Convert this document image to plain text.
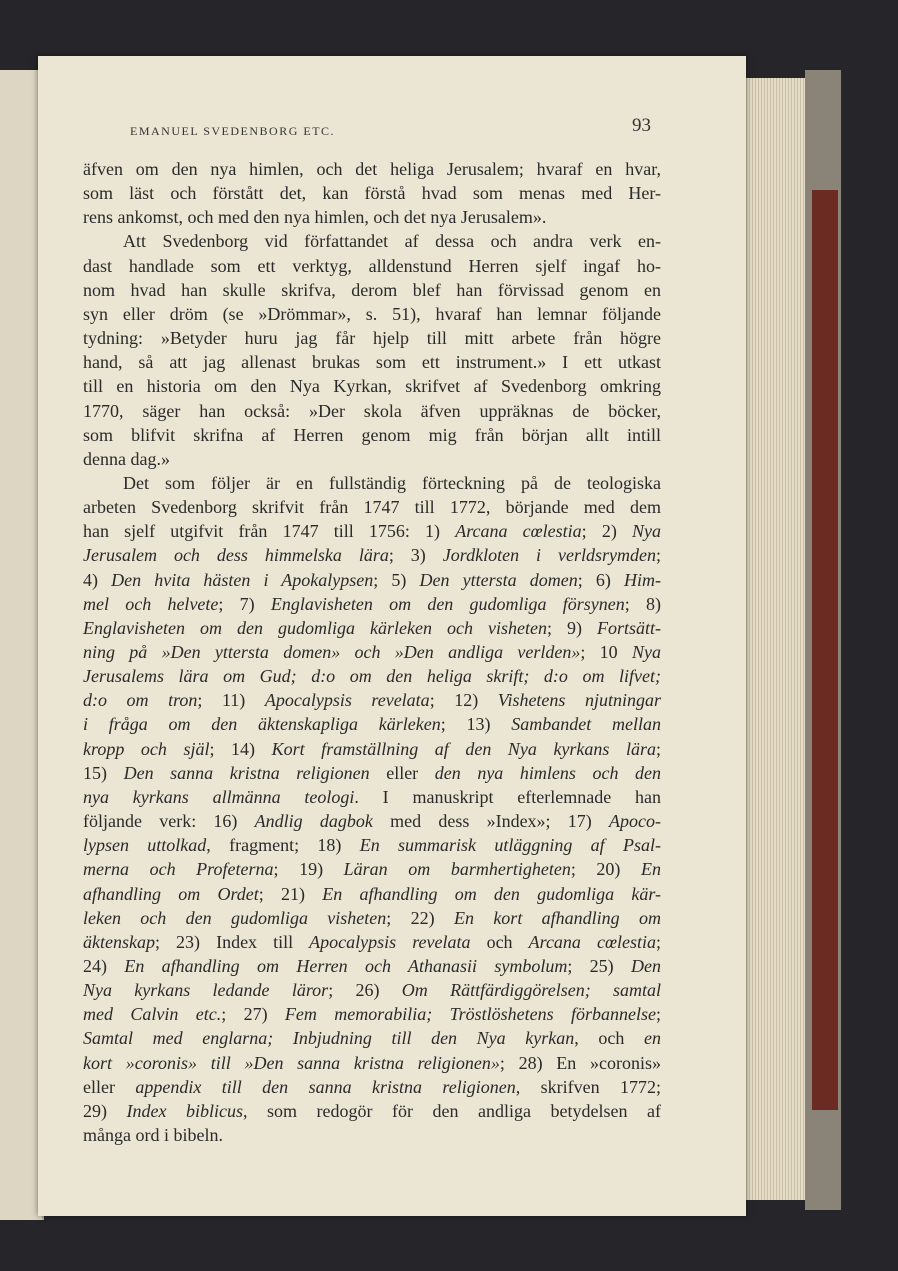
EMANUEL SVEDENBORG ETC.	93
äfven om den nya himlen, och det heliga Jerusalem; hvaraf en hvar,
som läst och förstått det, kan förstå hvad som menas med Her-
rens ankomst, och med den nya himlen, och det nya Jerusalem».
Att Svedenborg vid författandet af dessa och andra verk en-
dast handlade som ett verktyg, alldenstund Herren sjelf ingaf ho-
nom hvad han skulle skrifva, derom blef han förvissad genom en
syn eller dröm (se »Drömmar», s. 51), hvaraf han lemnar följande
tydning: »Betyder huru jag får hjelp till mitt arbete från högre
hand, så att jag allenast brukas som ett instrument.» I ett utkast
till en historia om den Nya Kyrkan, skrifvet af Svedenborg omkring
1770, säger han också: »Der skola äfven uppräknas de böcker,
som blifvit skrifna af Herren genom mig från början allt intill
denna dag.»
Det som följer är en fullständig förteckning på de teologiska
arbeten Svedenborg skrifvit från 1747 till 1772, börjande med dem
han sjelf utgifvit från 1747 till 1756: 1) Arcana cœlestia; 2) Nya
Jerusalem och dess himmelska lära; 3) Jordkloten i verldsrymden;
4) Den hvita hästen i Apokalypsen; 5) Den yttersta domen; 6) Him-
mel och helvete; 7) Englavisheten om den gudomliga försynen; 8)
Englavisheten om den gudomliga kärleken och visheten; 9) Fortsätt-
ning på »Den yttersta domen» och »Den andliga verlden»; 10 Nya
Jerusalems lära om Gud; d:o om den heliga skrift; d:o om lifvet;
d:o om tron; 11) Apocalypsis revelata; 12) Vishetens njutningar
i fråga om den äktenskapliga kärleken; 13) Sambandet mellan
kropp och själ; 14) Kort framställning af den Nya kyrkans lära;
15) Den sanna kristna religionen eller den nya himlens och den
nya kyrkans allmänna teologi. I manuskript efterlemnade han
följande verk: 16) Andlig dagbok med dess »Index»; 17) Apoco-
lypsen uttolkad, fragment; 18) En summarisk utläggning af Psal-
merna och Profeterna; 19) Läran om barmhertigheten; 20) En
afhandling om Ordet; 21) En afhandling om den gudomliga kär-
leken och den gudomliga visheten; 22) En kort afhandling om
äktenskap; 23) Index till Apocalypsis revelata och Arcana cœlestia;
24) En afhandling om Herren och Athanasii symbolum; 25) Den
Nya kyrkans ledande läror; 26) Om Rättfärdiggörelsen; samtal
med Calvin etc.; 27) Fem memorabilia; Tröstlöshetens förbannelse;
Samtal med englarna; Inbjudning till den Nya kyrkan, och en
kort »coronis» till »Den sanna kristna religionen»; 28) En »coronis»
eller appendix till den sanna kristna religionen, skrifven 1772;
29) Index biblicus, som redogör för den andliga betydelsen af
många ord i bibeln.
